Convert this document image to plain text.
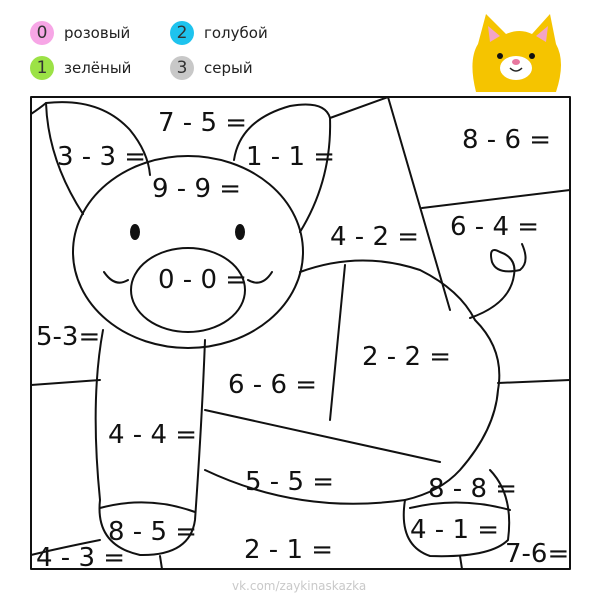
0	розовый	2	голубой
1	зелёный	3	серый
7 - 5 =
3 - 3 =	1 - 1 =
8 - 6 =
9 - 9 =
4 - 2 = 6 - 4 =
0 - 0 =
5-3=
2 - 2 =
6 - 6 =
4 - 4 =
5 - 5 =	8 - 8 =
8 - 5 =	4 - 1 =
4 - 3 =	2 - 1 =	7-6=
vk.com/zaykinaskazka
